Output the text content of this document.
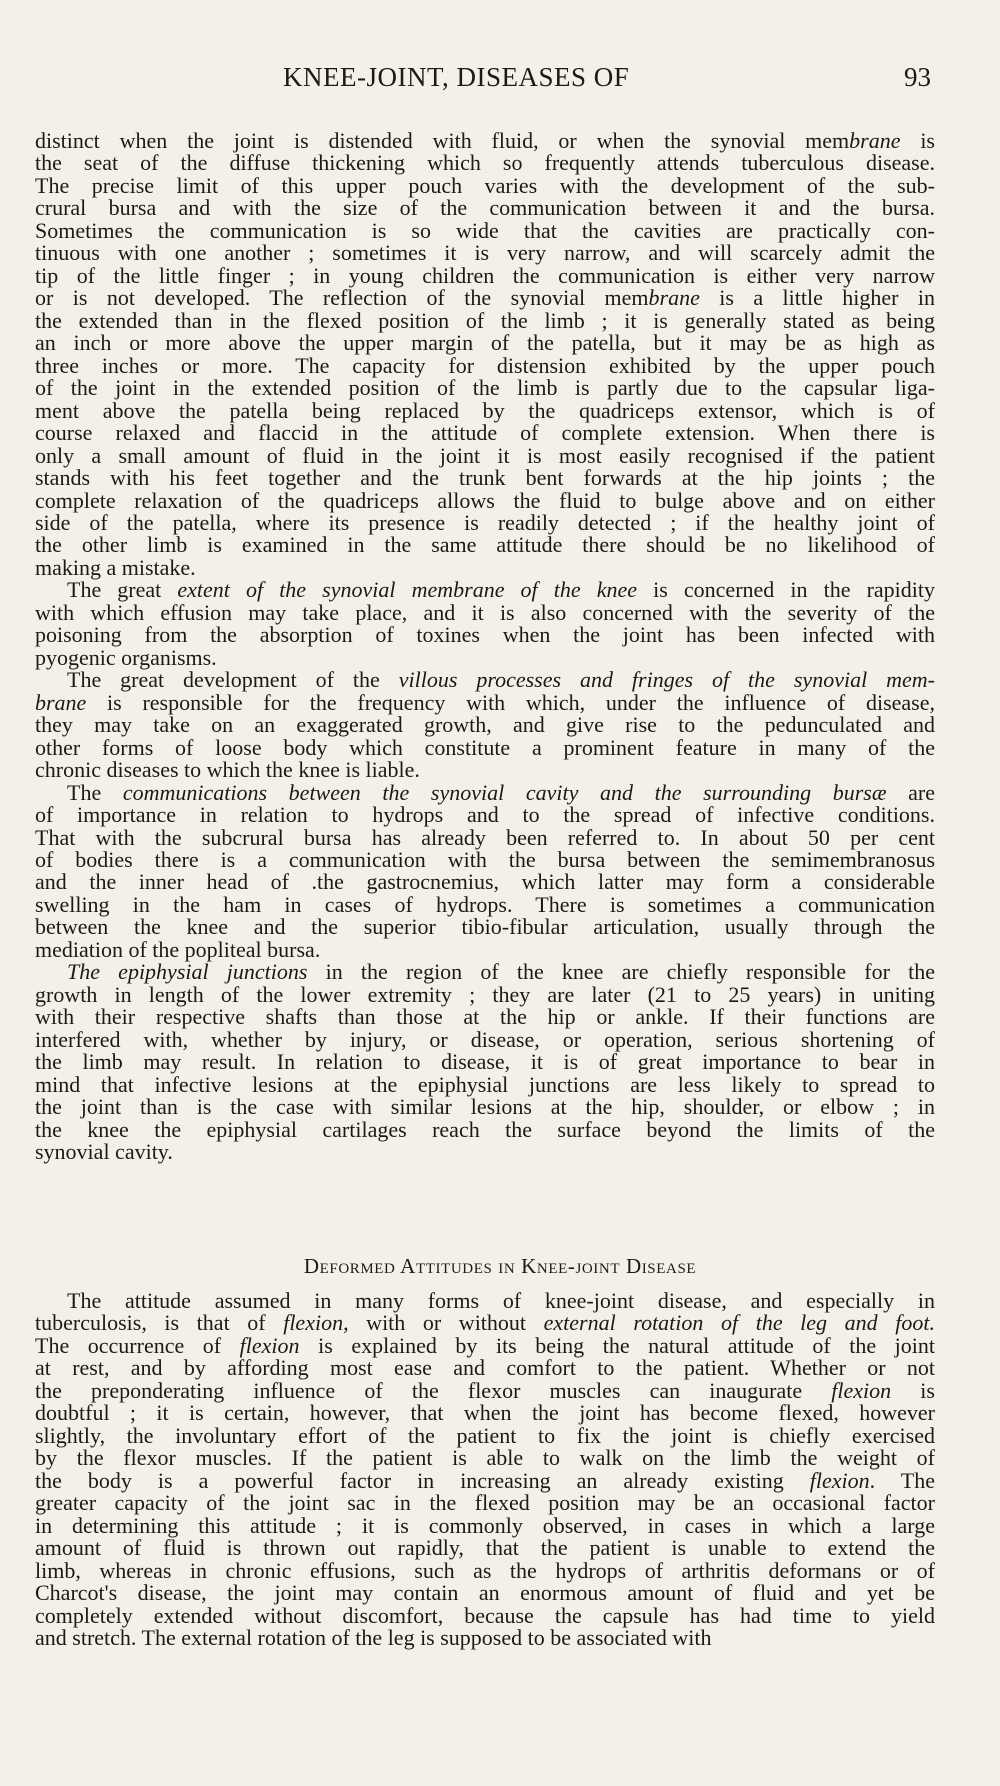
KNEE-JOINT, DISEASES OF	93
distinct when the joint is distended with fluid, or when the synovial membrane is
the seat of the diffuse thickening which so frequently attends tuberculous disease.
The precise limit of this upper pouch varies with the development of the sub-
crural bursa and with the size of the communication between it and the bursa.
Sometimes the communication is so wide that the cavities are practically con-
tinuous with one another ; sometimes it is very narrow, and will scarcely admit the
tip of the little finger ; in young children the communication is either very narrow
or is not developed. The reflection of the synovial membrane is a little higher in
the extended than in the flexed position of the limb ; it is generally stated as being
an inch or more above the upper margin of the patella, but it may be as high as
three inches or more. The capacity for distension exhibited by the upper pouch
of the joint in the extended position of the limb is partly due to the capsular liga-
ment above the patella being replaced by the quadriceps extensor, which is of
course relaxed and flaccid in the attitude of complete extension. When there is
only a small amount of fluid in the joint it is most easily recognised if the patient
stands with his feet together and the trunk bent forwards at the hip joints ; the
complete relaxation of the quadriceps allows the fluid to bulge above and on either
side of the patella, where its presence is readily detected ; if the healthy joint of
the other limb is examined in the same attitude there should be no likelihood of
making a mistake.
The great extent of the synovial membrane of the knee is concerned in the rapidity
with which effusion may take place, and it is also concerned with the severity of the
poisoning from the absorption of toxines when the joint has been infected with
pyogenic organisms.
The great development of the villous processes and fringes of the synovial mem-
brane is responsible for the frequency with which, under the influence of disease,
they may take on an exaggerated growth, and give rise to the pedunculated and
other forms of loose body which constitute a prominent feature in many of the
chronic diseases to which the knee is liable.
The communications between the synovial cavity and the surrounding bursæ are
of importance in relation to hydrops and to the spread of infective conditions.
That with the subcrural bursa has already been referred to. In about 50 per cent
of bodies there is a communication with the bursa between the semimembranosus
and the inner head of .the gastrocnemius, which latter may form a considerable
swelling in the ham in cases of hydrops. There is sometimes a communication
between the knee and the superior tibio-fibular articulation, usually through the
mediation of the popliteal bursa.
The epiphysial junctions in the region of the knee are chiefly responsible for the
growth in length of the lower extremity ; they are later (21 to 25 years) in uniting
with their respective shafts than those at the hip or ankle. If their functions are
interfered with, whether by injury, or disease, or operation, serious shortening of
the limb may result. In relation to disease, it is of great importance to bear in
mind that infective lesions at the epiphysial junctions are less likely to spread to
the joint than is the case with similar lesions at the hip, shoulder, or elbow ; in
the knee the epiphysial cartilages reach the surface beyond the limits of the
synovial cavity.
Deformed Attitudes in Knee-joint Disease
The attitude assumed in many forms of knee-joint disease, and especially in
tuberculosis, is that of flexion, with or without external rotation of the leg and foot.
The occurrence of flexion is explained by its being the natural attitude of the joint
at rest, and by affording most ease and comfort to the patient. Whether or not
the preponderating influence of the flexor muscles can inaugurate flexion is
doubtful ; it is certain, however, that when the joint has become flexed, however
slightly, the involuntary effort of the patient to fix the joint is chiefly exercised
by the flexor muscles. If the patient is able to walk on the limb the weight of
the body is a powerful factor in increasing an already existing flexion. The
greater capacity of the joint sac in the flexed position may be an occasional factor
in determining this attitude ; it is commonly observed, in cases in which a large
amount of fluid is thrown out rapidly, that the patient is unable to extend the
limb, whereas in chronic effusions, such as the hydrops of arthritis deformans or of
Charcot's disease, the joint may contain an enormous amount of fluid and yet be
completely extended without discomfort, because the capsule has had time to yield
and stretch. The external rotation of the leg is supposed to be associated with
